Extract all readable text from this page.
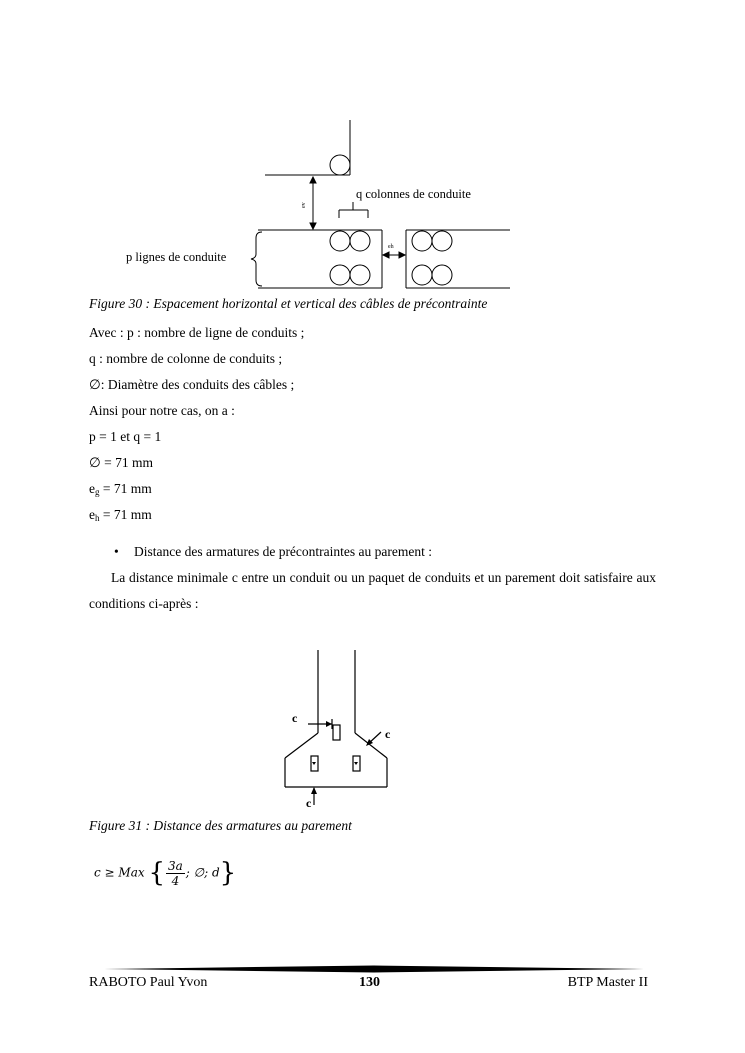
q colonnes de conduite
p lignes de conduite
ev
eh
Figure 30 : Espacement horizontal et vertical des câbles de précontrainte
Avec : p : nombre de ligne de conduits ;
q : nombre de colonne de conduits ;
∅: Diamètre des conduits des câbles ;
Ainsi pour notre cas, on a :
p = 1 et q = 1
∅ = 71 mm
$e_g = 71$ mm
$e_h = 71$ mm
• Distance des armatures de précontraintes au parement :
La distance minimale c entre un conduit ou un paquet de conduits et un parement doit satisfaire aux conditions ci-après :
c
c
c
Figure 31 : Distance des armatures au parement
c ≥ Max { $\frac{3a}{4}$ ; ∅; d}
RABOTO Paul Yvon	130	BTP Master II
